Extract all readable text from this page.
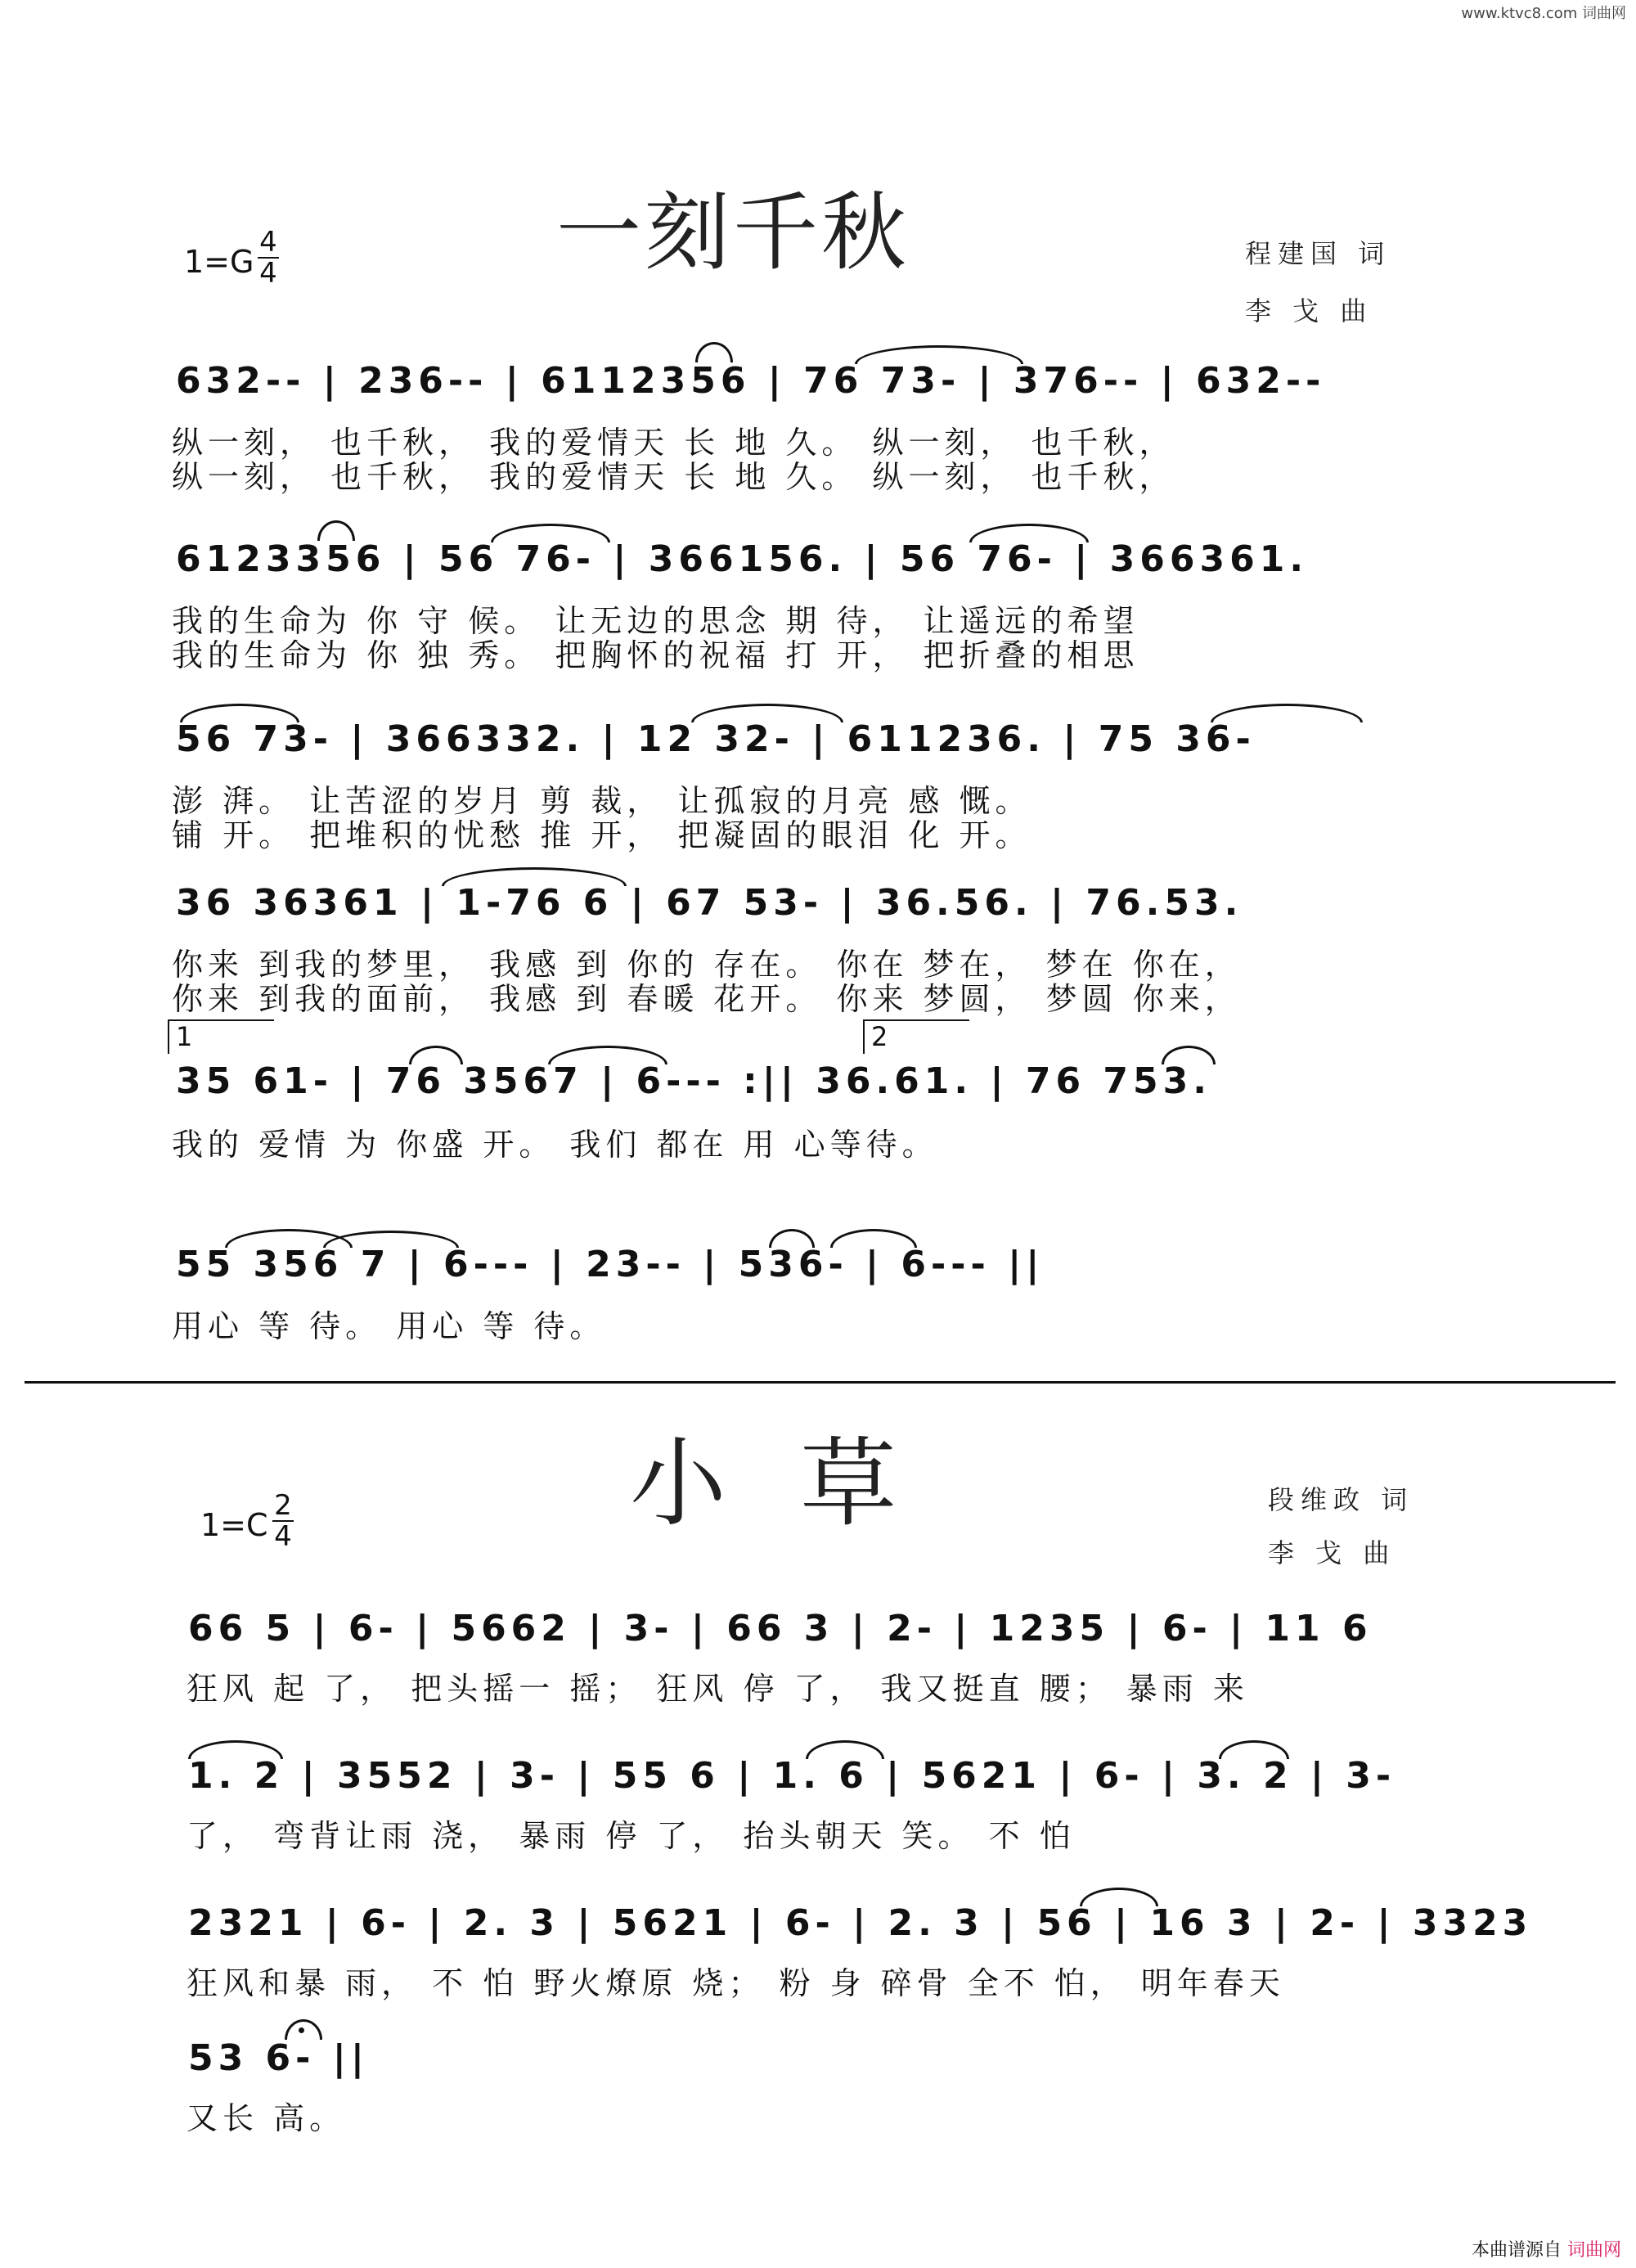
www.ktvc8.com 词曲网
一刻千秋
1=G
4
4
程建国 词
李 戈 曲
632-- | 236-- | 6112356 | 76 73- | 376-- | 632--
纵一刻， 也千秋， 我的爱情天 长 地 久。 纵一刻， 也千秋，
纵一刻， 也千秋， 我的爱情天 长 地 久。 纵一刻， 也千秋，
6123356 | 56 76- | 366156. | 56 76- | 366361.
我的生命为 你 守 候。 让无边的思念 期 待， 让遥远的希望
我的生命为 你 独 秀。 把胸怀的祝福 打 开， 把折叠的相思
56 73- | 366332. | 12 32- | 611236. | 75 36-
澎 湃。 让苦涩的岁月 剪 裁， 让孤寂的月亮 感 慨。
铺 开。 把堆积的忧愁 推 开， 把凝固的眼泪 化 开。
36 36361 | 1-76 6 | 67 53- | 36.56. | 76.53.
你来 到我的梦里， 我感 到 你的 存在。 你在 梦在， 梦在 你在，
你来 到我的面前， 我感 到 春暖 花开。 你来 梦圆， 梦圆 你来，
1	2
35 61- | 76 3567 | 6--- :|| 36.61. | 76 753.
我的 爱情 为 你盛 开。 我们 都在 用 心等待。
55 356 7 | 6--- | 23-- | 536- | 6--- ||
用心 等 待。 用心 等 待。
小草
1=C
2
4
段维政 词
李 戈 曲
66 5 | 6- | 5662 | 3- | 66 3 | 2- | 1235 | 6- | 11 6
狂风 起 了， 把头摇一 摇； 狂风 停 了， 我又挺直 腰； 暴雨 来
1. 2 | 3552 | 3- | 55 6 | 1. 6 | 5621 | 6- | 3. 2 | 3-
了， 弯背让雨 浇， 暴雨 停 了， 抬头朝天 笑。 不 怕
2321 | 6- | 2. 3 | 5621 | 6- | 2. 3 | 56 | 16 3 | 2- | 3323
狂风和暴 雨， 不 怕 野火燎原 烧； 粉 身 碎骨 全不 怕， 明年春天
53 6- ||
又长 高。
本曲谱源自 词曲网
